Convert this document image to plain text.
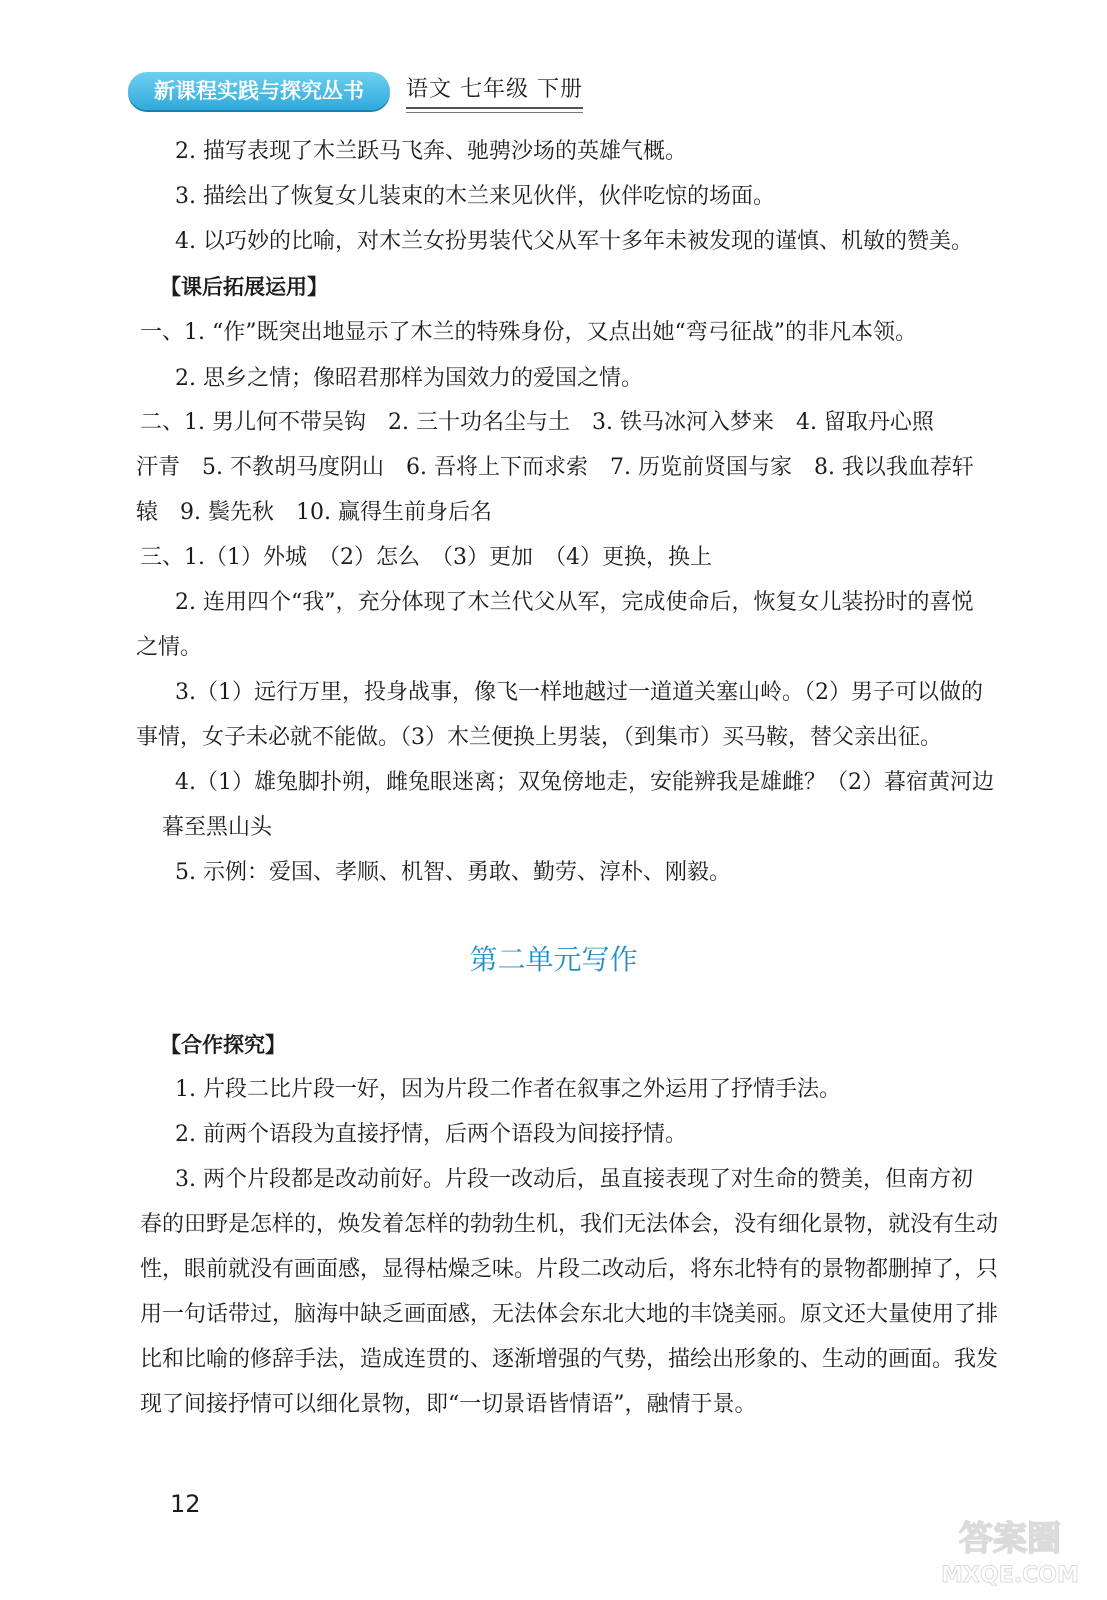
新课程实践与探究丛书	语文 七年级 下册
2. 描写表现了木兰跃马飞奔、驰骋沙场的英雄气概。
3. 描绘出了恢复女儿装束的木兰来见伙伴，伙伴吃惊的场面。
4. 以巧妙的比喻，对木兰女扮男装代父从军十多年未被发现的谨慎、机敏的赞美。
【课后拓展运用】
一、1. “作”既突出地显示了木兰的特殊身份，又点出她“弯弓征战”的非凡本领。
2. 思乡之情；像昭君那样为国效力的爱国之情。
二、1. 男儿何不带吴钩　2. 三十功名尘与土　3. 铁马冰河入梦来　4. 留取丹心照
汗青　5. 不教胡马度阴山　6. 吾将上下而求索　7. 历览前贤国与家　8. 我以我血荐轩
辕　9. 鬓先秋　10. 赢得生前身后名
三、1.（1）外城　（2）怎么　（3）更加　（4）更换，换上
2. 连用四个“我”，充分体现了木兰代父从军，完成使命后，恢复女儿装扮时的喜悦
之情。
3.（1）远行万里，投身战事，像飞一样地越过一道道关塞山岭。（2）男子可以做的
事情，女子未必就不能做。（3）木兰便换上男装，（到集市）买马鞍，替父亲出征。
4.（1）雄兔脚扑朔，雌兔眼迷离；双兔傍地走，安能辨我是雄雌？（2）暮宿黄河边
暮至黑山头
5. 示例：爱国、孝顺、机智、勇敢、勤劳、淳朴、刚毅。
第二单元写作
【合作探究】
1. 片段二比片段一好，因为片段二作者在叙事之外运用了抒情手法。
2. 前两个语段为直接抒情，后两个语段为间接抒情。
3. 两个片段都是改动前好。片段一改动后，虽直接表现了对生命的赞美，但南方初
春的田野是怎样的，焕发着怎样的勃勃生机，我们无法体会，没有细化景物，就没有生动
性，眼前就没有画面感，显得枯燥乏味。片段二改动后，将东北特有的景物都删掉了，只
用一句话带过，脑海中缺乏画面感，无法体会东北大地的丰饶美丽。原文还大量使用了排
比和比喻的修辞手法，造成连贯的、逐渐增强的气势，描绘出形象的、生动的画面。我发
现了间接抒情可以细化景物，即“一切景语皆情语”，融情于景。
12
答案圈
MXQE.COM
